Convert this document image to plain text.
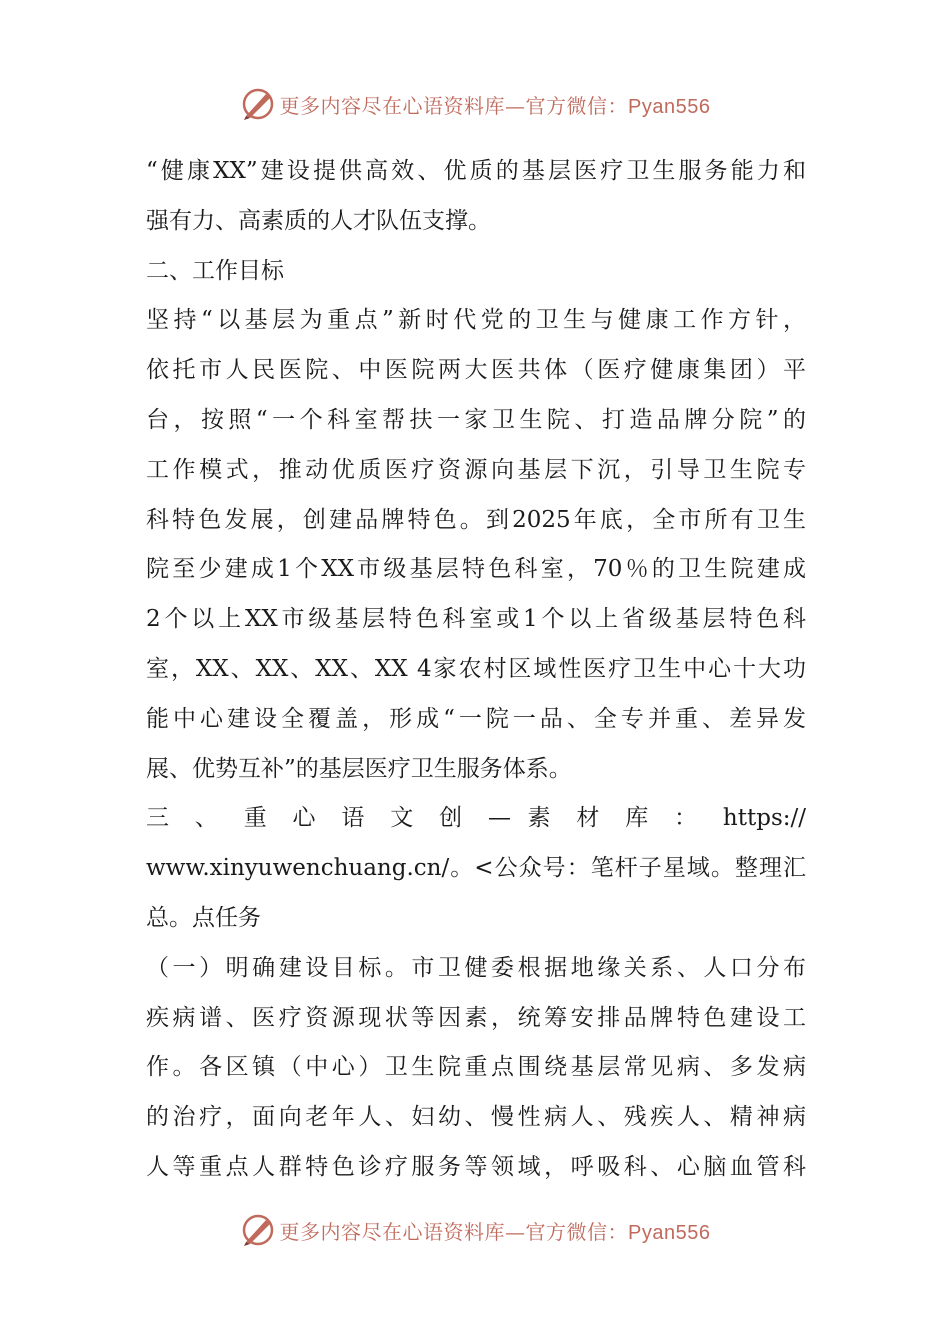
更多内容尽在心语资料库—官方微信：Pyan556
“健康XX”建设提供高效、优质的基层医疗卫生服务能力和
强有力、高素质的人才队伍支撑。
二、工作目标
坚持“以基层为重点”新时代党的卫生与健康工作方针，
依托市人民医院、中医院两大医共体（医疗健康集团）平
台，按照“一个科室帮扶一家卫生院、打造品牌分院”的
工作模式，推动优质医疗资源向基层下沉，引导卫生院专
科特色发展，创建品牌特色。到2025年底，全市所有卫生
院至少建成1个XX市级基层特色科室，70％的卫生院建成
2个以上XX市级基层特色科室或1个以上省级基层特色科
室，XX、XX、XX、XX 4家农村区域性医疗卫生中心十大功
能中心建设全覆盖，形成“一院一品、全专并重、差异发
展、优势互补”的基层医疗卫生服务体系。
三 、 重 心 语 文 创 — 素 材 库 ： https://
www.xinyuwenchuang.cn/。<公众号：笔杆子星域。整理汇
总。点任务
（一）明确建设目标。市卫健委根据地缘关系、人口分布
疾病谱、医疗资源现状等因素，统筹安排品牌特色建设工
作。各区镇（中心）卫生院重点围绕基层常见病、多发病
的治疗，面向老年人、妇幼、慢性病人、残疾人、精神病
人等重点人群特色诊疗服务等领域，呼吸科、心脑血管科
更多内容尽在心语资料库—官方微信：Pyan556
